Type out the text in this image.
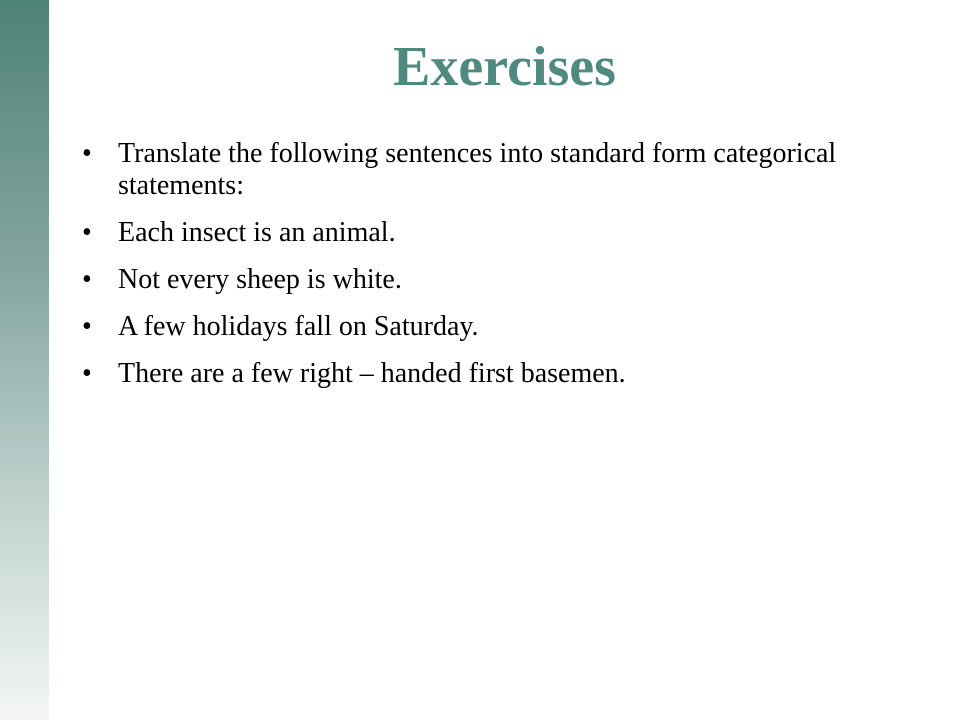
Exercises
• Translate the following sentences into standard form categorical statements:
• Each insect is an animal.
• Not every sheep is white.
• A few holidays fall on Saturday.
• There are a few right – handed first basemen.
